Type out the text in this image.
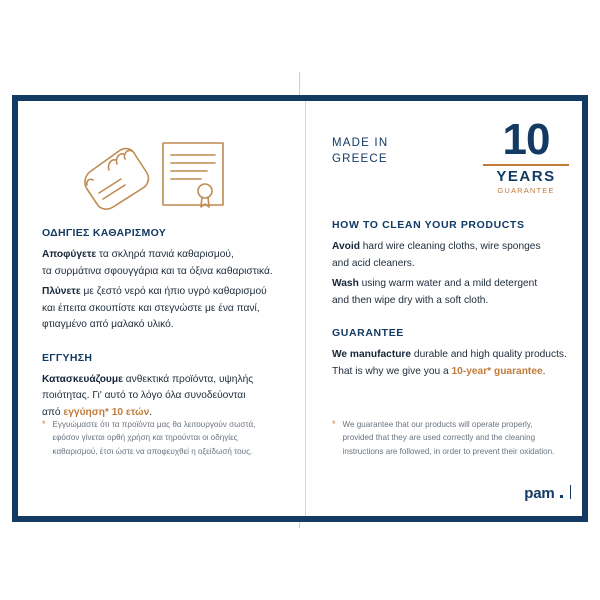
ΟΔΗΓΙΕΣ ΚΑΘΑΡΙΣΜΟΥ

Αποφύγετε τα σκληρά πανιά καθαρισμού,
τα συρμάτινα σφουγγάρια και τα όξινα καθαριστικά.

Πλύνετε με ζεστό νερό και ήπιο υγρό καθαρισμού
και έπειτα σκουπίστε και στεγνώστε με ένα πανί,
φτιαγμένο από μαλακό υλικό.

ΕΓΓΥΗΣΗ

Κατασκευάζουμε ανθεκτικά προϊόντα, υψηλής
ποιότητας. Γι' αυτό το λόγο όλα συνοδεύονται
από εγγύηση* 10 ετών.

* Εγγυώμαστε ότι τα προϊόντα μας θα λειτουργούν σωστά,
εφόσον γίνεται ορθή χρήση και τηρούνται οι οδηγίες
καθαρισμού, έτσι ώστε να αποφευχθεί η οξείδωσή τους.
MADE IN
GREECE	10
YEARS
GUARANTEE
HOW TO CLEAN YOUR PRODUCTS

Avoid hard wire cleaning cloths, wire sponges
and acid cleaners.

Wash using warm water and a mild detergent
and then wipe dry with a soft cloth.

GUARANTEE

We manufacture durable and high quality products.
That is why we give you a 10-year* guarantee.

* We guarantee that our products will operate properly,
provided that they are used correctly and the cleaning
instructions are followed, in order to prevent their oxidation.
pam
